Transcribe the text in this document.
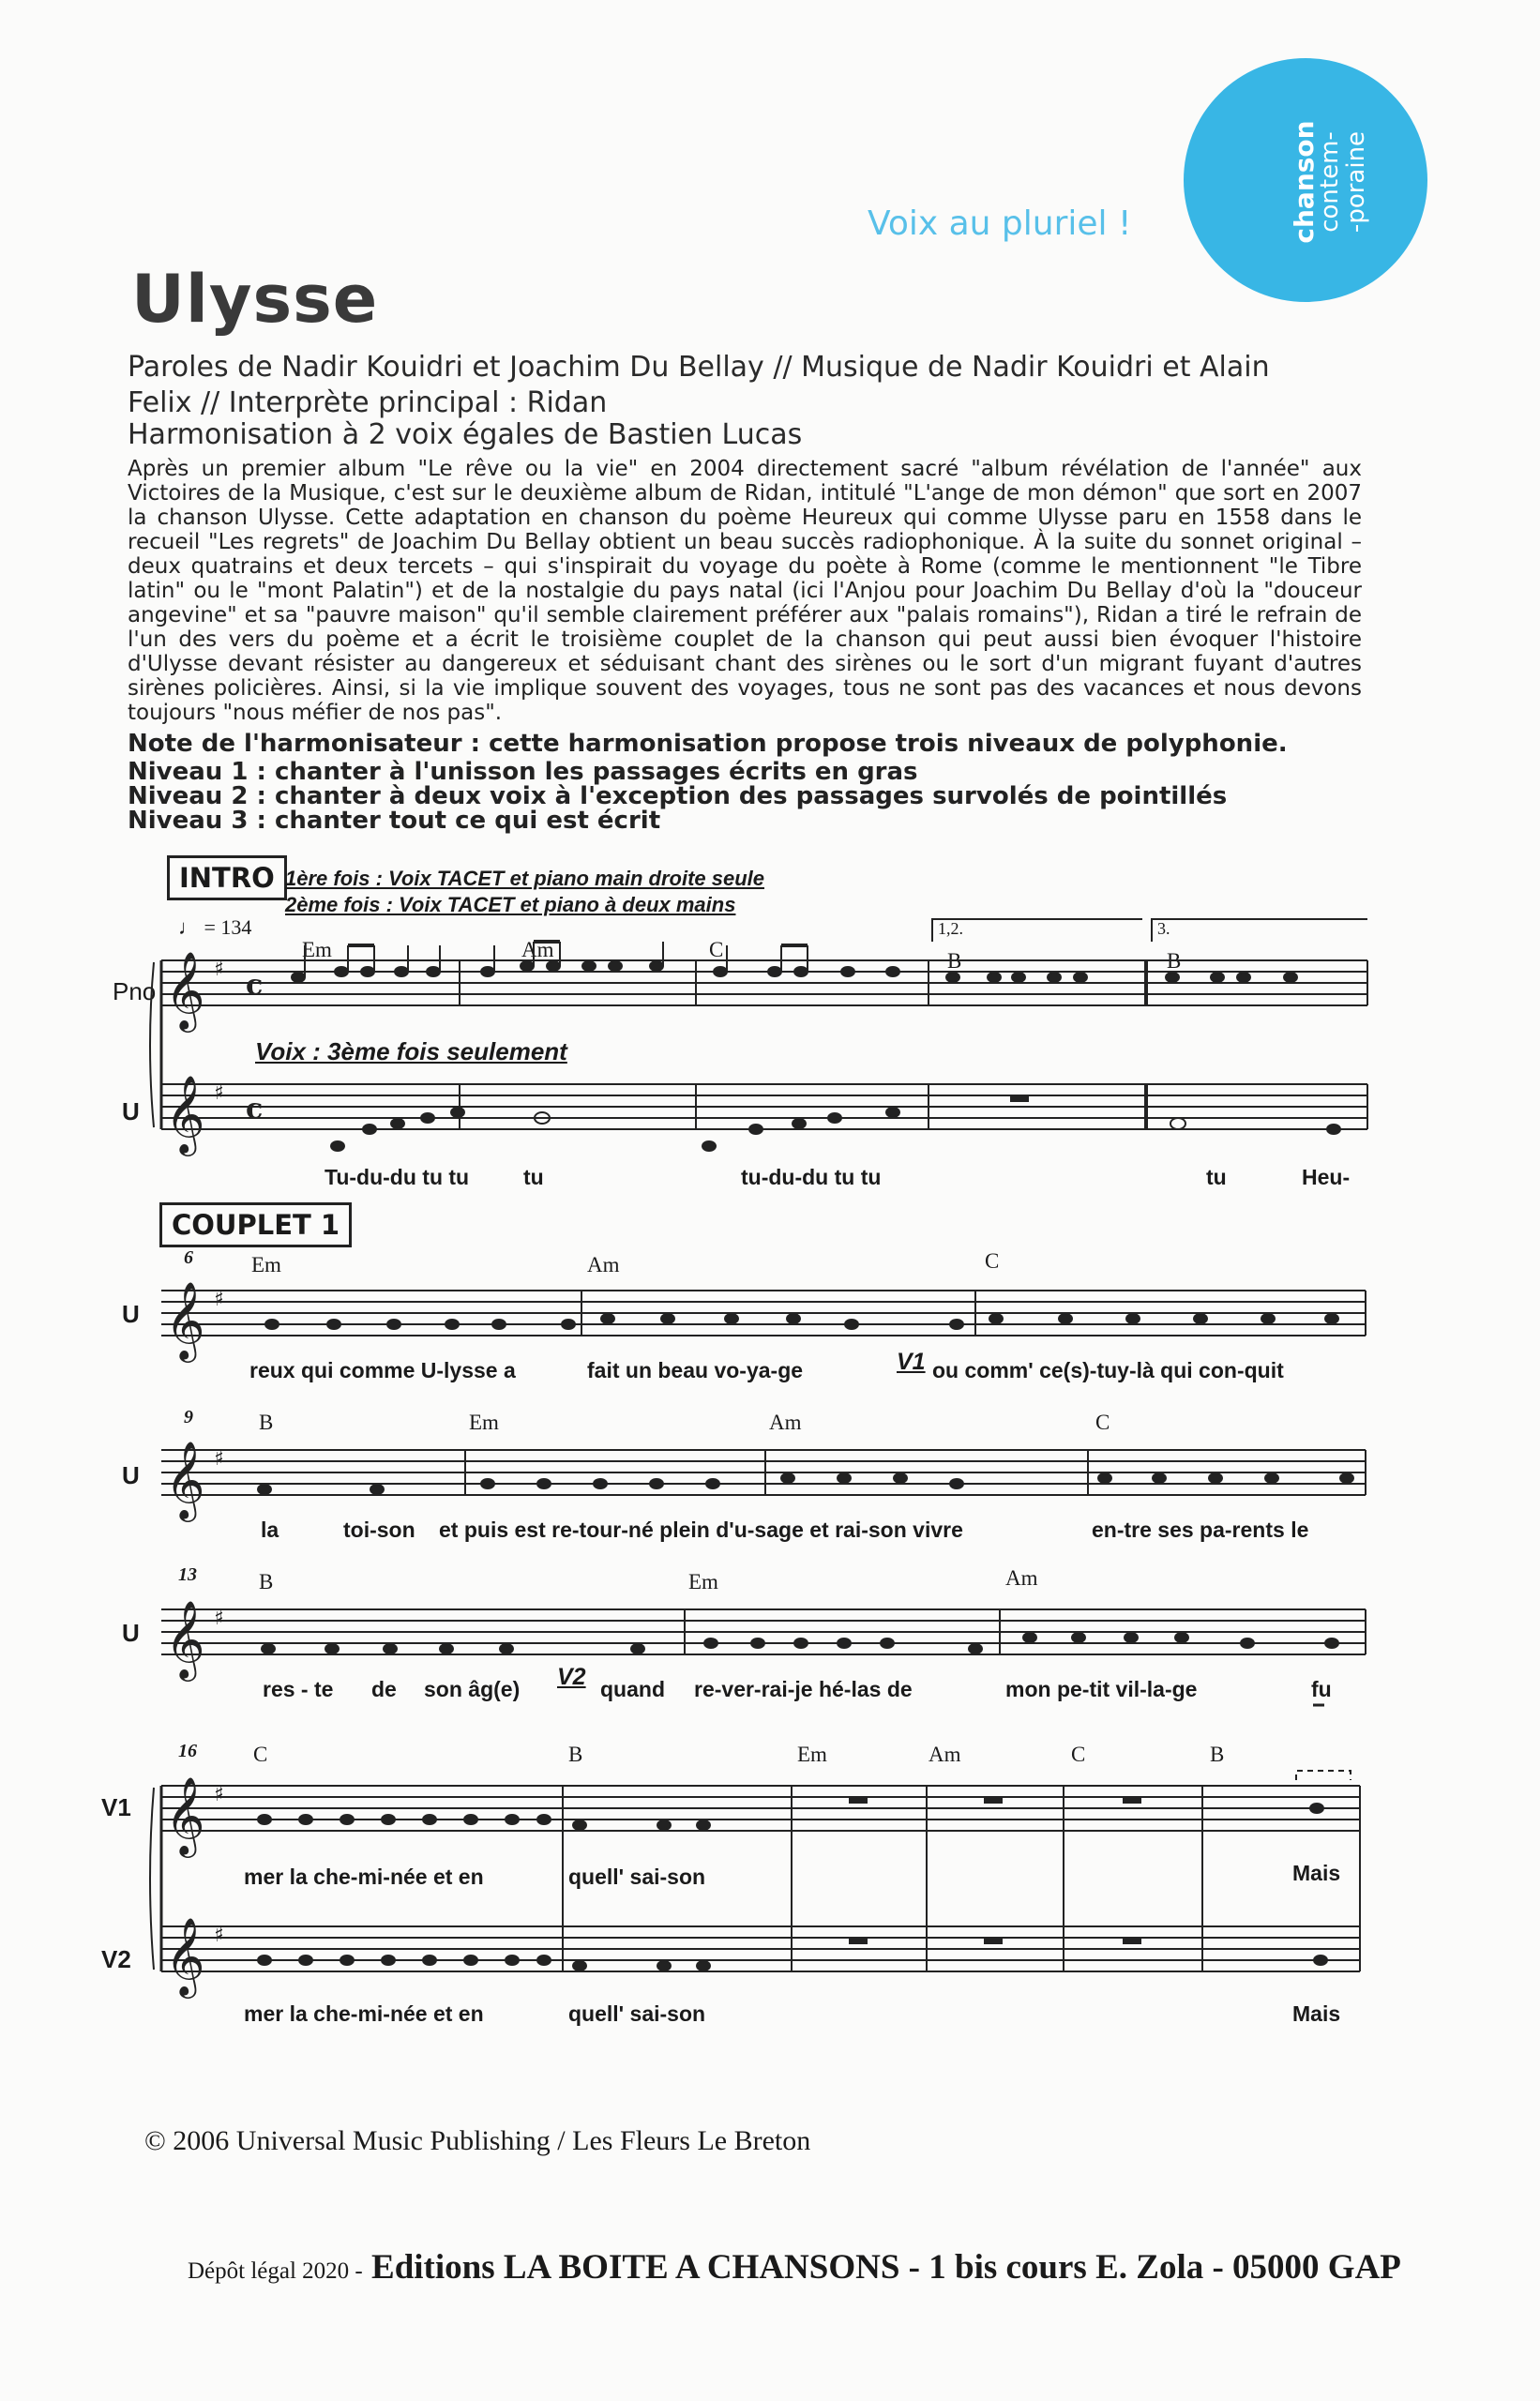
chanson
contem-
-poraine
Voix au pluriel !
Ulysse
Paroles de Nadir Kouidri et Joachim Du Bellay // Musique de Nadir Kouidri et Alain
Felix // Interprète principal : Ridan
Harmonisation à 2 voix égales de Bastien Lucas
Après un premier album "Le rêve ou la vie" en 2004 directement sacré "album révélation de l'année" aux Victoires de la Musique, c'est sur le deuxième album de Ridan, intitulé "L'ange de mon démon" que sort en 2007 la chanson Ulysse. Cette adaptation en chanson du poème Heureux qui comme Ulysse paru en 1558 dans le recueil "Les regrets" de Joachim Du Bellay obtient un beau succès radiophonique. À la suite du sonnet original – deux quatrains et deux tercets – qui s'inspirait du voyage du poète à Rome (comme le mentionnent "le Tibre latin" ou le "mont Palatin") et de la nostalgie du pays natal (ici l'Anjou pour Joachim Du Bellay d'où la "douceur angevine" et sa "pauvre maison" qu'il semble clairement préférer aux "palais romains"), Ridan a tiré le refrain de l'un des vers du poème et a écrit le troisième couplet de la chanson qui peut aussi bien évoquer l'histoire d'Ulysse devant résister au dangereux et séduisant chant des sirènes ou le sort d'un migrant fuyant d'autres sirènes policières. Ainsi, si la vie implique souvent des voyages, tous ne sont pas des vacances et nous devons toujours "nous méfier de nos pas".
Note de l'harmonisateur : cette harmonisation propose trois niveaux de polyphonie.
Niveau 1 : chanter à l'unisson les passages écrits en gras
Niveau 2 : chanter à deux voix à l'exception des passages survolés de pointillés
Niveau 3 : chanter tout ce qui est écrit
INTRO 1ère fois : Voix TACET et piano main droite seule
2ème fois : Voix TACET et piano à deux mains
♩ = 134
Voix : 3ème fois seulement
Pno
U
Em	Am	C	B	B
1,2.	3.
Tu-du-du tu tu	tu	tu-du-du tu tu	tu	Heu-
COUPLET 1
6
U
Em	Am	C
reux qui comme U-lysse a	fait un beau vo-ya-ge	V1 ou comm' ce(s)-tuy-là qui con-quit
9
U
B	Em	Am	C
la	toi-son et puis est re-tour-né plein d'u-sage et rai-son vivre	en-tre ses pa-rents le
13
U
B	Em	Am
res - te de son âg(e) V2 quand re-ver-rai-je hé-las de	mon pe-tit vil-la-ge	fu
16
V1
V2
C	B	Em	Am	C	B
mer la che-mi-née et en	quell' sai-son	Mais
mer la che-mi-née et en	quell' sai-son	Mais
𝄞
𝄞
𝄞
𝄞
𝄞
𝄞
𝄞
♯
♯
♯
♯
♯
♯
♯
c
c
© 2006 Universal Music Publishing / Les Fleurs Le Breton
Dépôt légal 2020 - Editions LA BOITE A CHANSONS - 1 bis cours E. Zola - 05000 GAP
